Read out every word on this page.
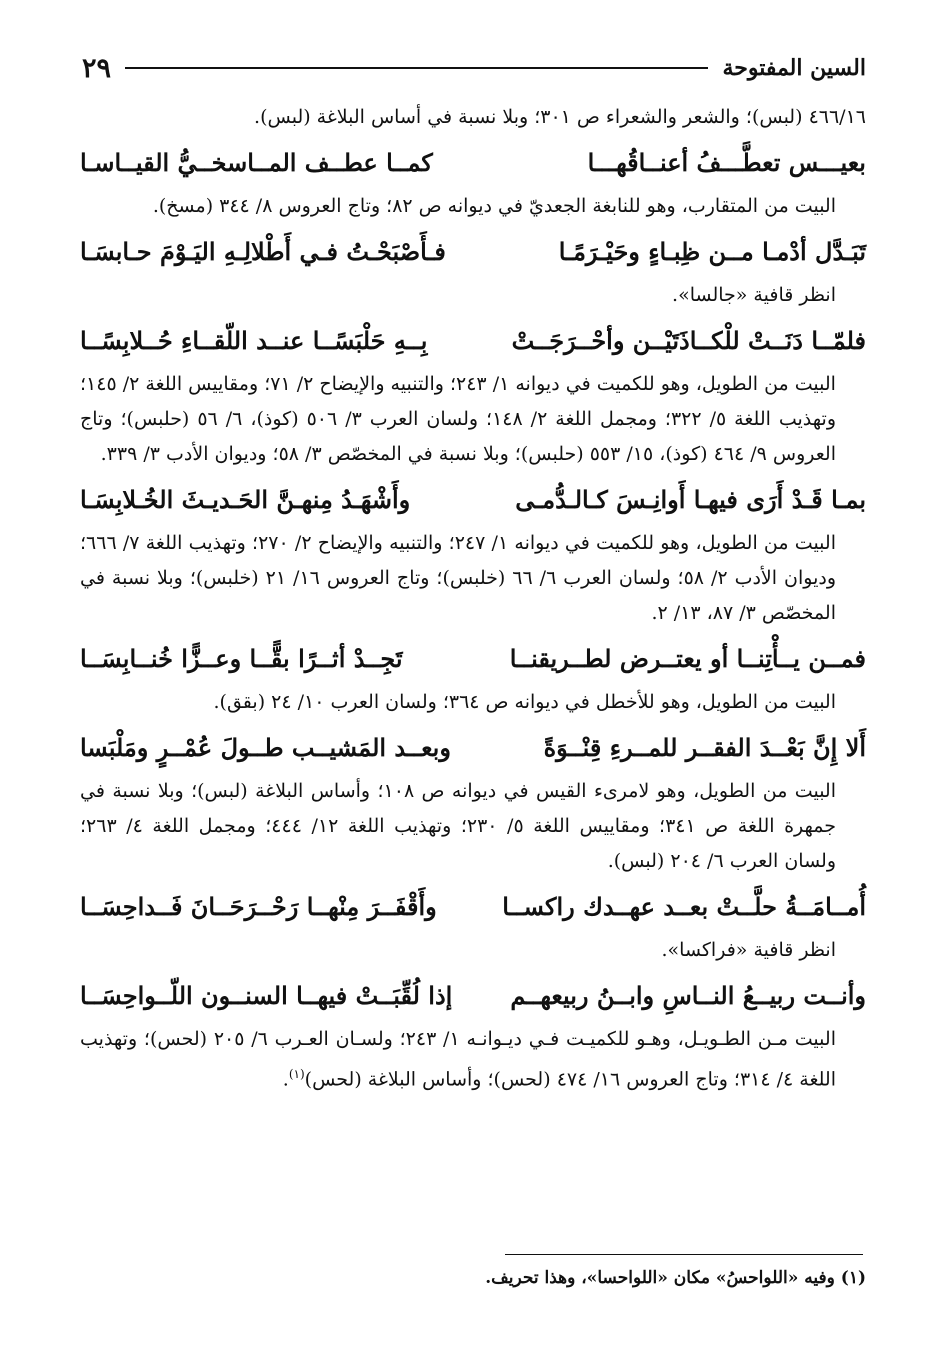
السين المفتوحة
٢٩

٤٦٦/١٦ (لبس)؛ والشعر والشعراء ص ٣٠١؛ وبلا نسبة في أساس البلاغة (لبس).

بعيـــس تعطَّـــفُ أعنــاقُهـــا
كمــا عطــف المــاسخــيُّ القيــاسـا

البيت من المتقارب، وهو للنابغة الجعديّ في ديوانه ص ٨٢؛ وتاج العروس ٨/ ٣٤٤ (مسخ).

تَبَـدَّل أدْمـا مــن ظِبـاءٍ وحَيْـرَمًـا
فـأَصْبَحْـتُ فـي أَطْلالِـهِ اليَـوْمَ حـابسَـا

انظر قافية «جالسا».

فلمّــا دَنَــتْ للْكــاذَتَيْــن وأحْــرَجَــتْ
بِــهِ حَلْبَسًــا عنــد اللّقــاءِ حُــلابِسًــا

البيت من الطويل، وهو للكميت في ديوانه ١/ ٢٤٣؛ والتنبيه والإيضاح ٢/ ٧١؛ ومقاييس اللغة ٢/ ١٤٥؛ وتهذيب اللغة ٥/ ٣٢٢؛ ومجمل اللغة ٢/ ١٤٨؛ ولسان العرب ٣/ ٥٠٦ (كوذ)، ٦/ ٥٦ (حلبس)؛ وتاج العروس ٩/ ٤٦٤ (كوذ)، ١٥/ ٥٥٣ (حلبس)؛ وبلا نسبة في المخصّص ٣/ ٥٨؛ وديوان الأدب ٣/ ٣٣٩.

بمـا قَـدْ أَرَى فيهـا أَوانِـسَ كـالـدُّمـى
وأَشْهَـدُ مِنهـنَّ الحَـديـثَ الخُـلابِسَـا

البيت من الطويل، وهو للكميت في ديوانه ١/ ٢٤٧؛ والتنبيه والإيضاح ٢/ ٢٧٠؛ وتهذيب اللغة ٧/ ٦٦٦؛ وديوان الأدب ٢/ ٥٨؛ ولسان العرب ٦/ ٦٦ (خلبس)؛ وتاج العروس ١٦/ ٢١ (خلبس)؛ وبلا نسبة في المخصّص ٣/ ٨٧، ١٣/ ٢.

فمــن يــأْتِنــا أو يعتــرض لطــريقنــا
تَجِــدْ أثــرًا بقًّــا وعــزًّا خُنــابِسَــا

البيت من الطويل، وهو للأخطل في ديوانه ص ٣٦٤؛ ولسان العرب ١٠/ ٢٤ (بقق).

أَلا إِنَّ بَعْــدَ الفقــر للمــرءِ قِنْــوَةً
وبعــد المَشيــب طــولَ عُمْــرٍ ومَلْبَسا

البيت من الطويل، وهو لامرىء القيس في ديوانه ص ١٠٨؛ وأساس البلاغة (لبس)؛ وبلا نسبة في جمهرة اللغة ص ٣٤١؛ ومقاييس اللغة ٥/ ٢٣٠؛ وتهذيب اللغة ١٢/ ٤٤٤؛ ومجمل اللغة ٤/ ٢٦٣؛ ولسان العرب ٦/ ٢٠٤ (لبس).

أُمــامَــةُ حلَّــتْ بعــد عهــدك راكســا
وأَقْفَــرَ مِنْهــا رَحْــرَحَــانَ فَــداحِسَــا

انظر قافية «فراكسا».

وأنــت ربيــعُ النــاسِ وابــنُ ربيعهــم
إذا لُقِّبَــتْ فيهــا السنــون اللّــواحِسَــا

البيت مـن الطـويـل، وهـو للكميـت فـي ديـوانـه ١/ ٢٤٣؛ ولسـان العـرب ٦/ ٢٠٥ (لحس)؛ وتهذيب اللغة ٤/ ٣١٤؛ وتاج العروس ١٦/ ٤٧٤ (لحس)؛ وأساس البلاغة (لحس)$^{(١)}$.

(١) وفيه «اللواحسُ» مكان «اللواحسا»، وهذا تحريف.
